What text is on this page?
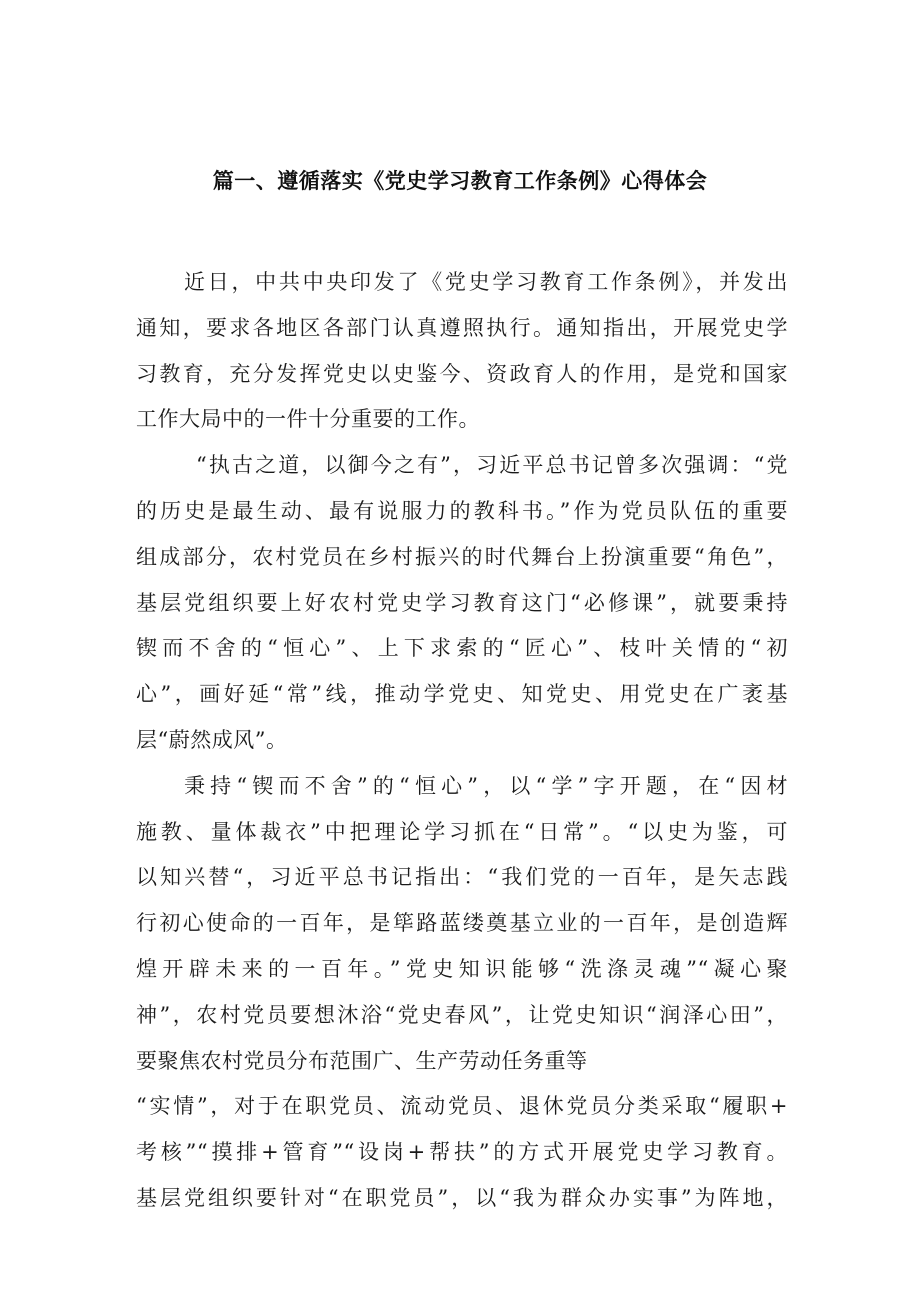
篇一、遵循落实《党史学习教育工作条例》心得体会
近日，中共中央印发了《党史学习教育工作条例》，并发出
通知，要求各地区各部门认真遵照执行。通知指出，开展党史学
习教育，充分发挥党史以史鉴今、资政育人的作用，是党和国家
工作大局中的一件十分重要的工作。
“执古之道，以御今之有”，习近平总书记曾多次强调：“党
的历史是最生动、最有说服力的教科书。”作为党员队伍的重要
组成部分，农村党员在乡村振兴的时代舞台上扮演重要“角色”，
基层党组织要上好农村党史学习教育这门“必修课”，就要秉持
锲而不舍的“恒心”、上下求索的“匠心”、枝叶关情的“初
心”，画好延“常”线，推动学党史、知党史、用党史在广袤基
层“蔚然成风”。
秉持“锲而不舍”的“恒心”，以“学”字开题，在“因材
施教、量体裁衣”中把理论学习抓在“日常”。“以史为鉴，可
以知兴替“，习近平总书记指出：“我们党的一百年，是矢志践
行初心使命的一百年，是筚路蓝缕奠基立业的一百年，是创造辉
煌开辟未来的一百年。”党史知识能够“洗涤灵魂”“凝心聚
神”，农村党员要想沐浴“党史春风”，让党史知识“润泽心田”，
要聚焦农村党员分布范围广、生产劳动任务重等
“实情”，对于在职党员、流动党员、退休党员分类采取“履职+
考核”“摸排+管育”“设岗+帮扶”的方式开展党史学习教育。
基层党组织要针对“在职党员”，以“我为群众办实事”为阵地，
